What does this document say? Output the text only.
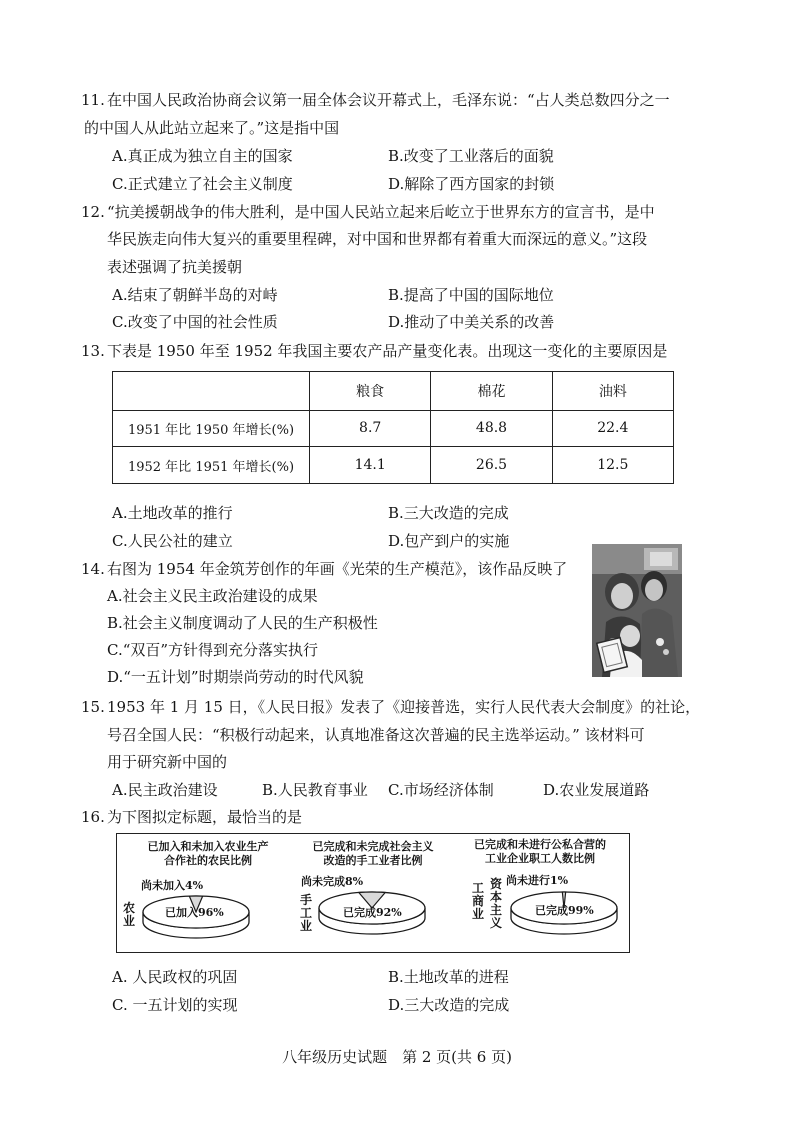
11. 在中国人民政治协商会议第一届全体会议开幕式上，毛泽东说：“占人类总数四分之一
的中国人从此站立起来了。”这是指中国
A.真正成为独立自主的国家	B.改变了工业落后的面貌
C.正式建立了社会主义制度	D.解除了西方国家的封锁
12. “抗美援朝战争的伟大胜利，是中国人民站立起来后屹立于世界东方的宣言书，是中
华民族走向伟大复兴的重要里程碑，对中国和世界都有着重大而深远的意义。”这段
表述强调了抗美援朝
A.结束了朝鲜半岛的对峙	B.提高了中国的国际地位
C.改变了中国的社会性质	D.推动了中美关系的改善
13. 下表是 1950 年至 1952 年我国主要农产品产量变化表。出现这一变化的主要原因是
	粮食	棉花	油料
1951 年比 1950 年增长(%)	8.7	48.8	22.4
1952 年比 1951 年增长(%)	14.1	26.5	12.5
A.土地改革的推行	B.三大改造的完成
C.人民公社的建立	D.包产到户的实施
14. 右图为 1954 年金筑芳创作的年画《光荣的生产模范》，该作品反映了
A.社会主义民主政治建设的成果
B.社会主义制度调动了人民的生产积极性
C.“双百”方针得到充分落实执行
D.“一五计划”时期崇尚劳动的时代风貌
15. 1953 年 1 月 15 日，《人民日报》发表了《迎接普选，实行人民代表大会制度》的社论，
号召全国人民：“积极行动起来，认真地准备这次普遍的民主选举运动。” 该材料可
用于研究新中国的
A.民主政治建设	B.人民教育事业 C.市场经济体制	D.农业发展道路
16. 为下图拟定标题，最恰当的是
已加入和未加入农业生产
合作社的农民比例
尚未加入4%
农业
已加入96%
已完成和未完成社会主义
改造的手工业者比例
尚未完成8%
手工业
已完成92%
已完成和未进行公私合营的
工业企业职工人数比例
尚未进行1%
工商业
资本主义
已完成99%
A. 人民政权的巩固	B.土地改革的进程
C. 一五计划的实现	D.三大改造的完成
八年级历史试题　第 2 页(共 6 页)
